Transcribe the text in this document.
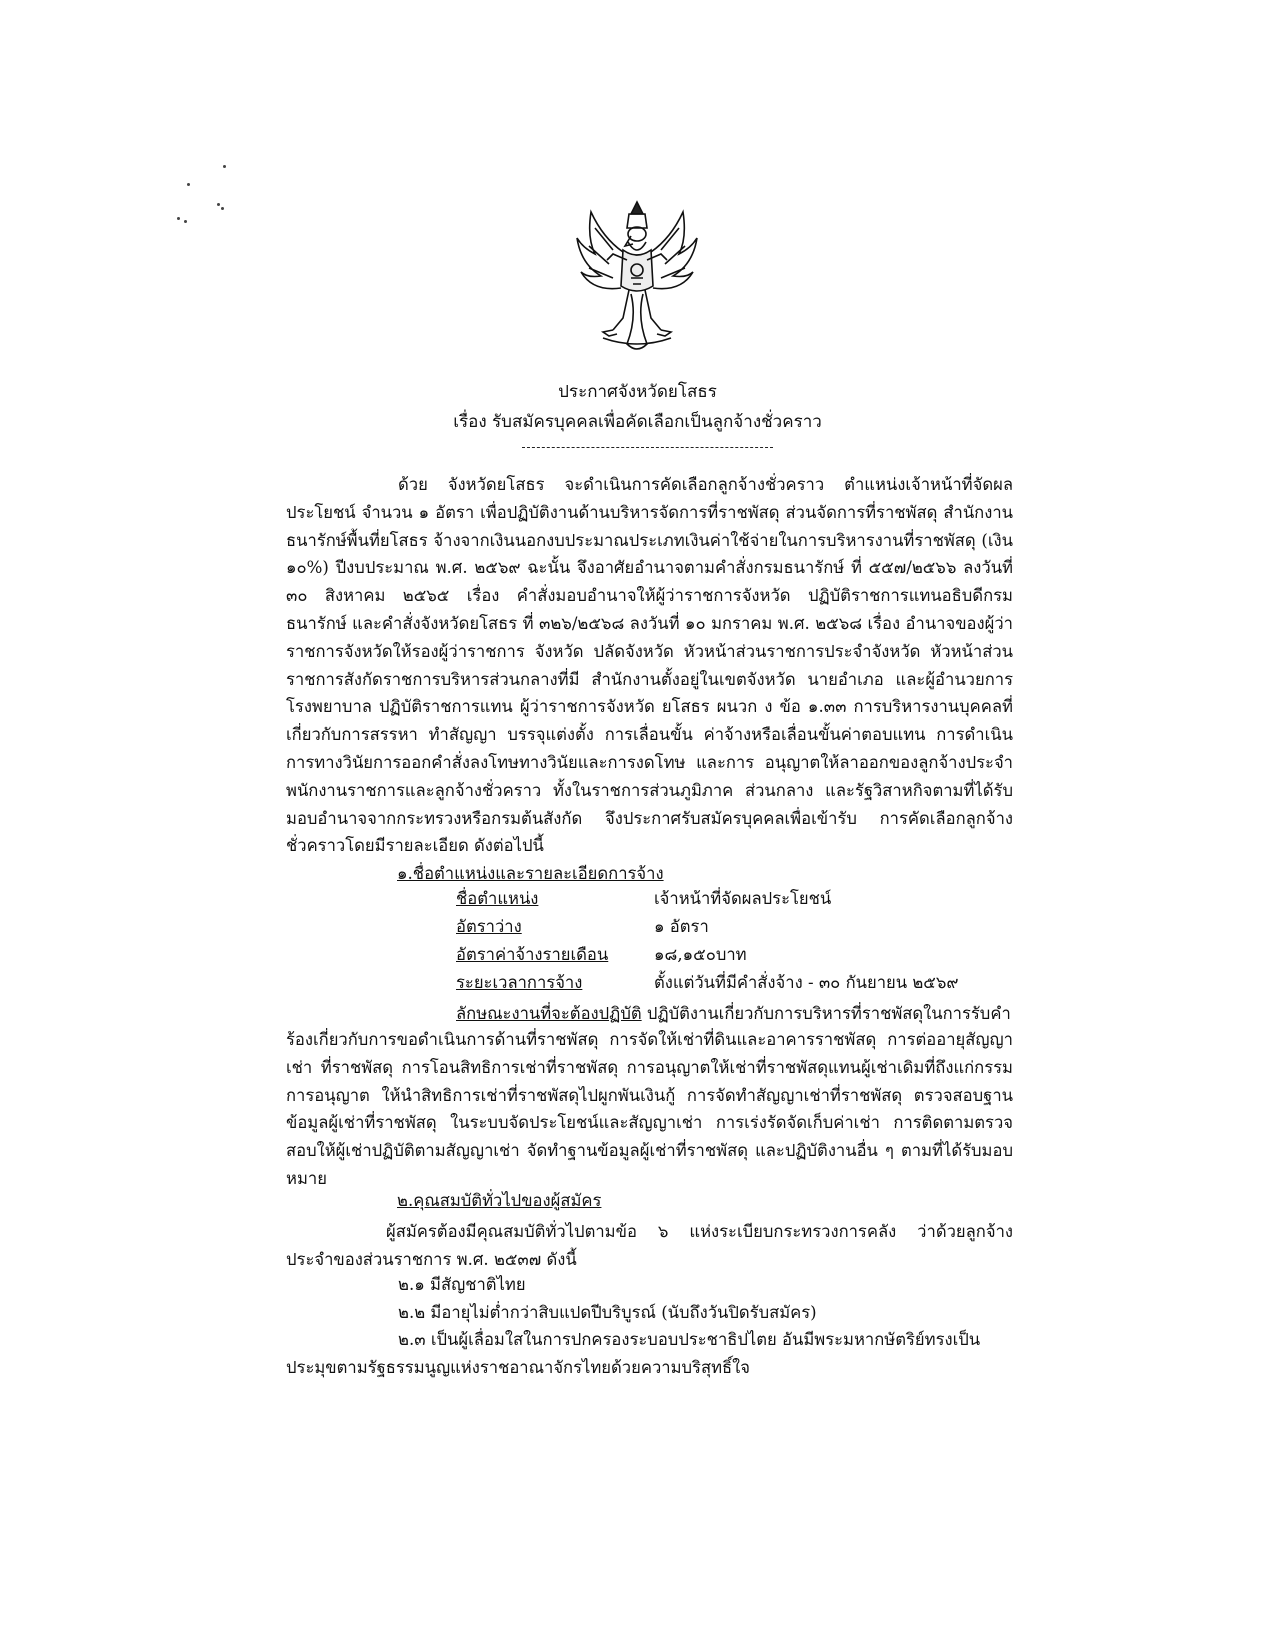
ประกาศจังหวัดยโสธร
เรื่อง รับสมัครบุคคลเพื่อคัดเลือกเป็นลูกจ้างชั่วคราว
ด้วย จังหวัดยโสธร จะดำเนินการคัดเลือกลูกจ้างชั่วคราว ตำแหน่งเจ้าหน้าที่จัดผลประโยชน์ จำนวน ๑ อัตรา เพื่อปฏิบัติงานด้านบริหารจัดการที่ราชพัสดุ ส่วนจัดการที่ราชพัสดุ สำนักงานธนารักษ์พื้นที่ยโสธร จ้างจากเงินนอกงบประมาณประเภทเงินค่าใช้จ่ายในการบริหารงานที่ราชพัสดุ (เงิน ๑๐%) ปีงบประมาณ พ.ศ. ๒๕๖๙ ฉะนั้น จึงอาศัยอำนาจตามคำสั่งกรมธนารักษ์ ที่ ๕๕๗/๒๕๖๖ ลงวันที่ ๓๐ สิงหาคม ๒๕๖๕ เรื่อง คำสั่งมอบอำนาจให้ผู้ว่าราชการจังหวัด ปฏิบัติราชการแทนอธิบดีกรมธนารักษ์ และคำสั่งจังหวัดยโสธร ที่ ๓๒๖/๒๕๖๘ ลงวันที่ ๑๐ มกราคม พ.ศ. ๒๕๖๘ เรื่อง อำนาจของผู้ว่าราชการจังหวัดให้รองผู้ว่าราชการ จังหวัด ปลัดจังหวัด หัวหน้าส่วนราชการประจำจังหวัด หัวหน้าส่วนราชการสังกัดราชการบริหารส่วนกลางที่มี สำนักงานตั้งอยู่ในเขตจังหวัด นายอำเภอ และผู้อำนวยการโรงพยาบาล ปฏิบัติราชการแทน ผู้ว่าราชการจังหวัด ยโสธร ผนวก ง ข้อ ๑.๓๓ การบริหารงานบุคคลที่เกี่ยวกับการสรรหา ทำสัญญา บรรจุแต่งตั้ง การเลื่อนขั้น ค่าจ้างหรือเลื่อนขั้นค่าตอบแทน การดำเนินการทางวินัยการออกคำสั่งลงโทษทางวินัยและการงดโทษ และการ อนุญาตให้ลาออกของลูกจ้างประจำ พนักงานราชการและลูกจ้างชั่วคราว ทั้งในราชการส่วนภูมิภาค ส่วนกลาง และรัฐวิสาหกิจตามที่ได้รับมอบอำนาจจากกระทรวงหรือกรมต้นสังกัด จึงประกาศรับสมัครบุคคลเพื่อเข้ารับ การคัดเลือกลูกจ้างชั่วคราวโดยมีรายละเอียด ดังต่อไปนี้
๑.ชื่อตำแหน่งและรายละเอียดการจ้าง
ชื่อตำแหน่ง	เจ้าหน้าที่จัดผลประโยชน์
อัตราว่าง	๑ อัตรา
อัตราค่าจ้างรายเดือน	๑๘,๑๕๐บาท
ระยะเวลาการจ้าง	ตั้งแต่วันที่มีคำสั่งจ้าง - ๓๐ กันยายน ๒๕๖๙
ลักษณะงานที่จะต้องปฏิบัติ ปฏิบัติงานเกี่ยวกับการบริหารที่ราชพัสดุในการรับคำ
ร้องเกี่ยวกับการขอดำเนินการด้านที่ราชพัสดุ การจัดให้เช่าที่ดินและอาคารราชพัสดุ การต่ออายุสัญญาเช่า ที่ราชพัสดุ การโอนสิทธิการเช่าที่ราชพัสดุ การอนุญาตให้เช่าที่ราชพัสดุแทนผู้เช่าเดิมที่ถึงแก่กรรม การอนุญาต ให้นำสิทธิการเช่าที่ราชพัสดุไปผูกพันเงินกู้ การจัดทำสัญญาเช่าที่ราชพัสดุ ตรวจสอบฐานข้อมูลผู้เช่าที่ราชพัสดุ ในระบบจัดประโยชน์และสัญญาเช่า การเร่งรัดจัดเก็บค่าเช่า การติดตามตรวจสอบให้ผู้เช่าปฏิบัติตามสัญญาเช่า จัดทำฐานข้อมูลผู้เช่าที่ราชพัสดุ และปฏิบัติงานอื่น ๆ ตามที่ได้รับมอบหมาย
๒.คุณสมบัติทั่วไปของผู้สมัคร
ผู้สมัครต้องมีคุณสมบัติทั่วไปตามข้อ ๖ แห่งระเบียบกระทรวงการคลัง ว่าด้วยลูกจ้าง ประจำของส่วนราชการ พ.ศ. ๒๕๓๗ ดังนี้
๒.๑ มีสัญชาติไทย
๒.๒ มีอายุไม่ต่ำกว่าสิบแปดปีบริบูรณ์ (นับถึงวันปิดรับสมัคร)
๒.๓ เป็นผู้เลื่อมใสในการปกครองระบอบประชาธิปไตย อันมีพระมหากษัตริย์ทรงเป็น
ประมุขตามรัฐธรรมนูญแห่งราชอาณาจักรไทยด้วยความบริสุทธิ์ใจ
